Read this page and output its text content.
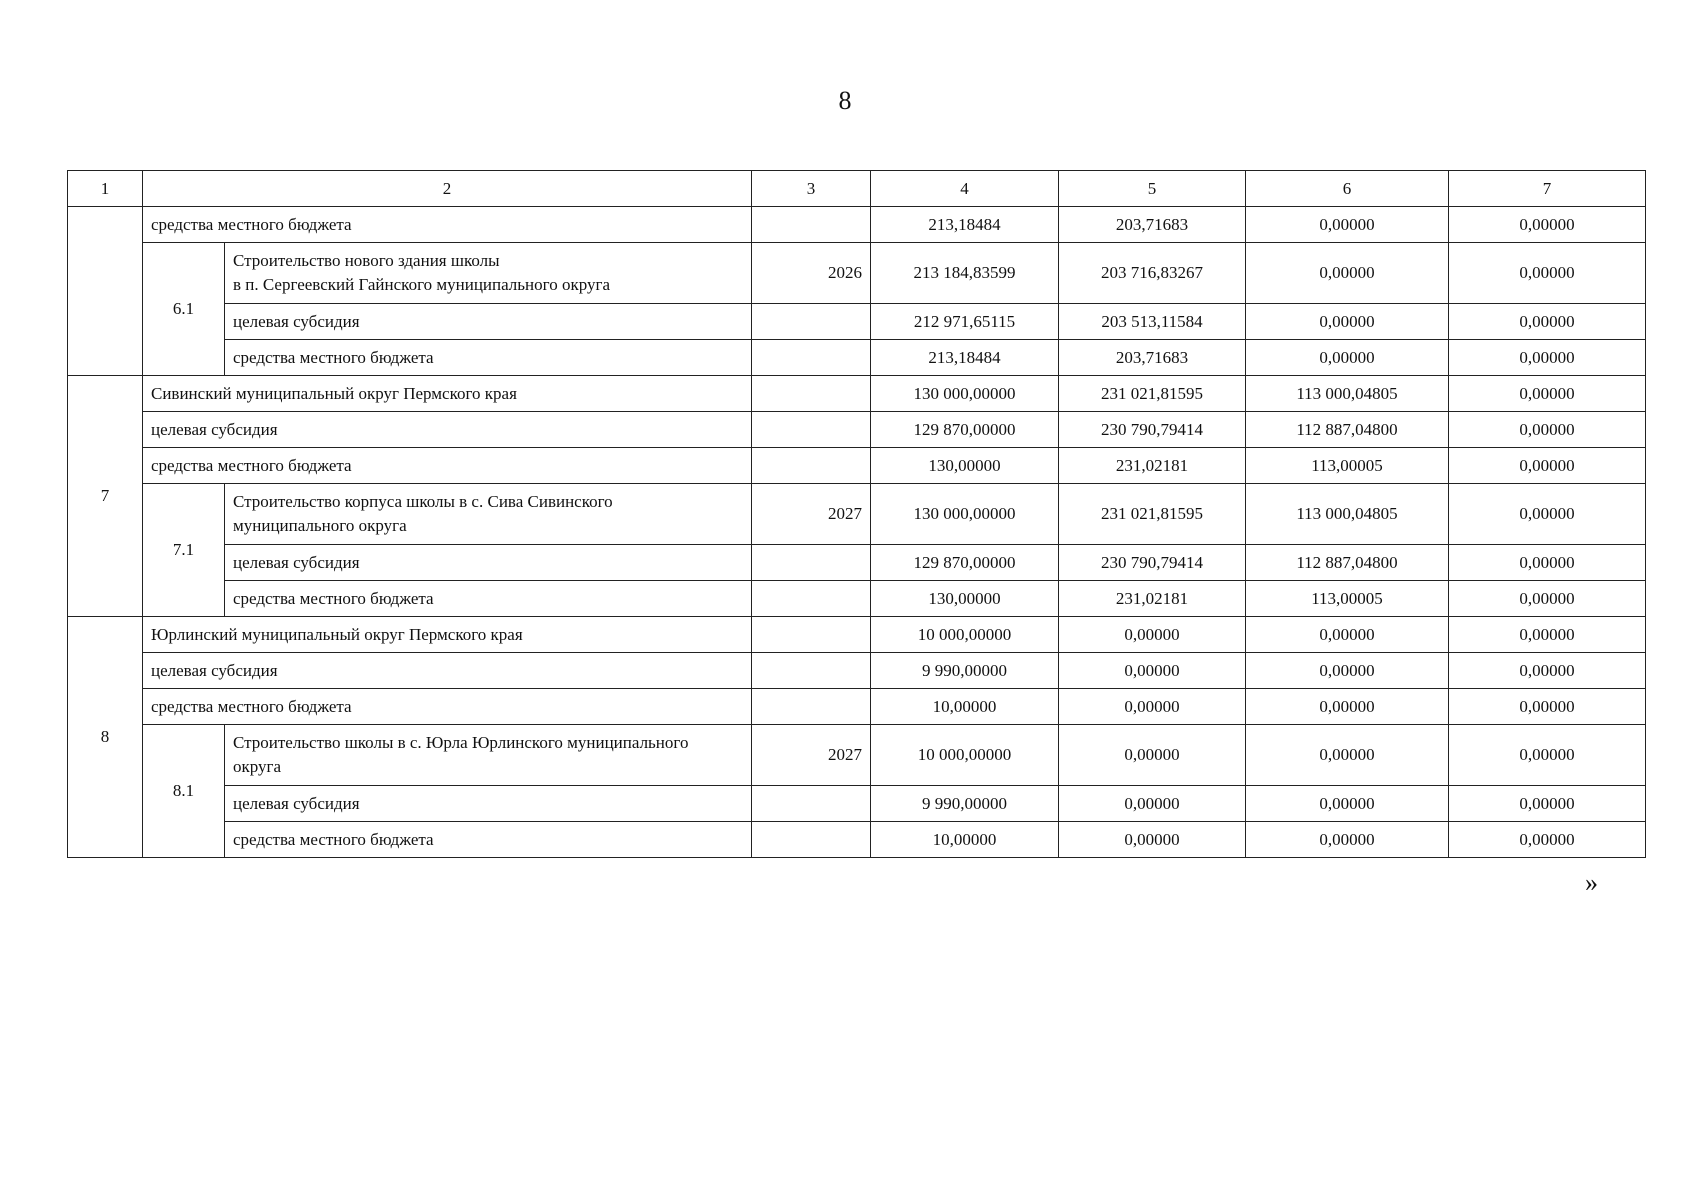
8
1	2		3	4	5	6	7
	средства местного бюджета			213,18484	203,71683	0,00000	0,00000
	6.1	Строительство нового здания школы
в п. Сергеевский Гайнского муниципального округа	2026	213 184,83599	203 716,83267	0,00000	0,00000
		целевая субсидия		212 971,65115	203 513,11584	0,00000	0,00000
		средства местного бюджета		213,18484	203,71683	0,00000	0,00000
7	Сивинский муниципальный округ Пермского края			130 000,00000	231 021,81595	113 000,04805	0,00000
	целевая субсидия			129 870,00000	230 790,79414	112 887,04800	0,00000
	средства местного бюджета			130,00000	231,02181	113,00005	0,00000
	7.1	Строительство корпуса школы в с. Сива Сивинского
муниципального округа	2027	130 000,00000	231 021,81595	113 000,04805	0,00000
		целевая субсидия		129 870,00000	230 790,79414	112 887,04800	0,00000
		средства местного бюджета		130,00000	231,02181	113,00005	0,00000
8	Юрлинский муниципальный округ Пермского края			10 000,00000	0,00000	0,00000	0,00000
	целевая субсидия			9 990,00000	0,00000	0,00000	0,00000
	средства местного бюджета			10,00000	0,00000	0,00000	0,00000
	8.1	Строительство школы в с. Юрла Юрлинского муниципального
округа	2027	10 000,00000	0,00000	0,00000	0,00000
		целевая субсидия		9 990,00000	0,00000	0,00000	0,00000
		средства местного бюджета		10,00000	0,00000	0,00000	0,00000
»
